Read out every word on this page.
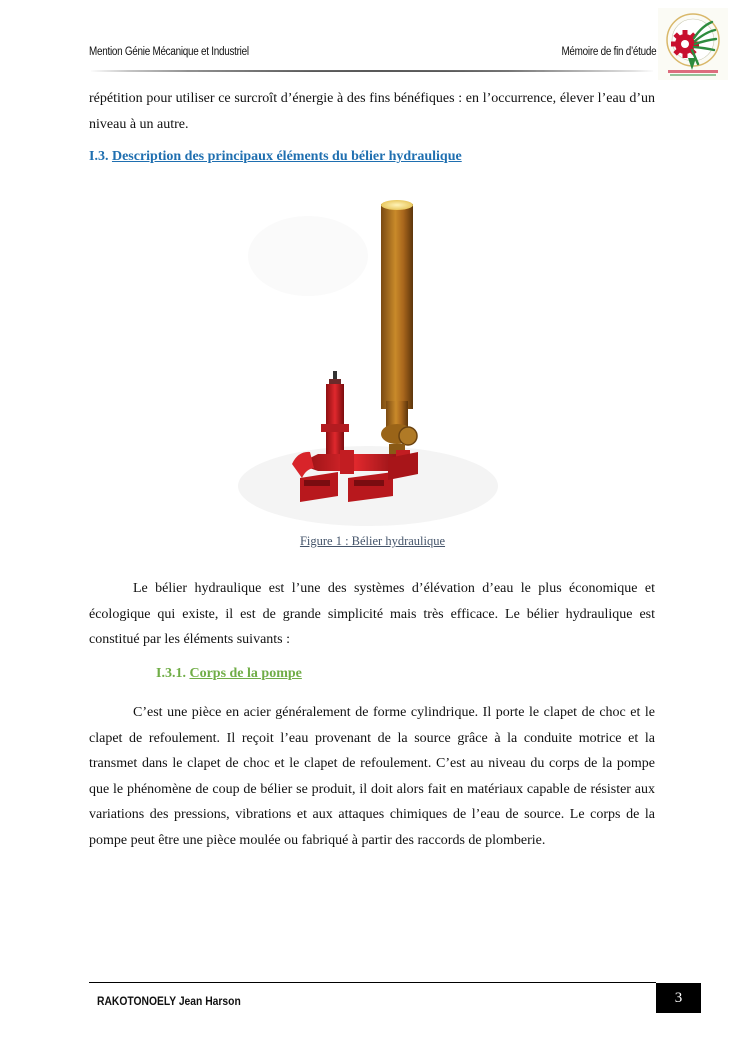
Mention Génie Mécanique et Industriel	Mémoire de fin d’étude
répétition pour utiliser ce surcroît d’énergie à des fins bénéfiques : en l’occurrence, élever l’eau d’un niveau à un autre.
I.3. Description des principaux éléments du bélier hydraulique
Figure 1 : Bélier hydraulique
Le bélier hydraulique est l’une des systèmes d’élévation d’eau le plus économique et écologique qui existe, il est de grande simplicité mais très efficace. Le bélier hydraulique est constitué par les éléments suivants :
I.3.1. Corps de la pompe
C’est une pièce en acier généralement de forme cylindrique. Il porte le clapet de choc et le clapet de refoulement. Il reçoit l’eau provenant de la source grâce à la conduite motrice et la transmet dans le clapet de choc et le clapet de refoulement. C’est au niveau du corps de la pompe que le phénomène de coup de bélier se produit, il doit alors fait en matériaux capable de résister aux variations des pressions, vibrations et aux attaques chimiques de l’eau de source. Le corps de la pompe peut être une pièce moulée ou fabriqué à partir des raccords de plomberie.
RAKOTONOELY Jean Harson	3
